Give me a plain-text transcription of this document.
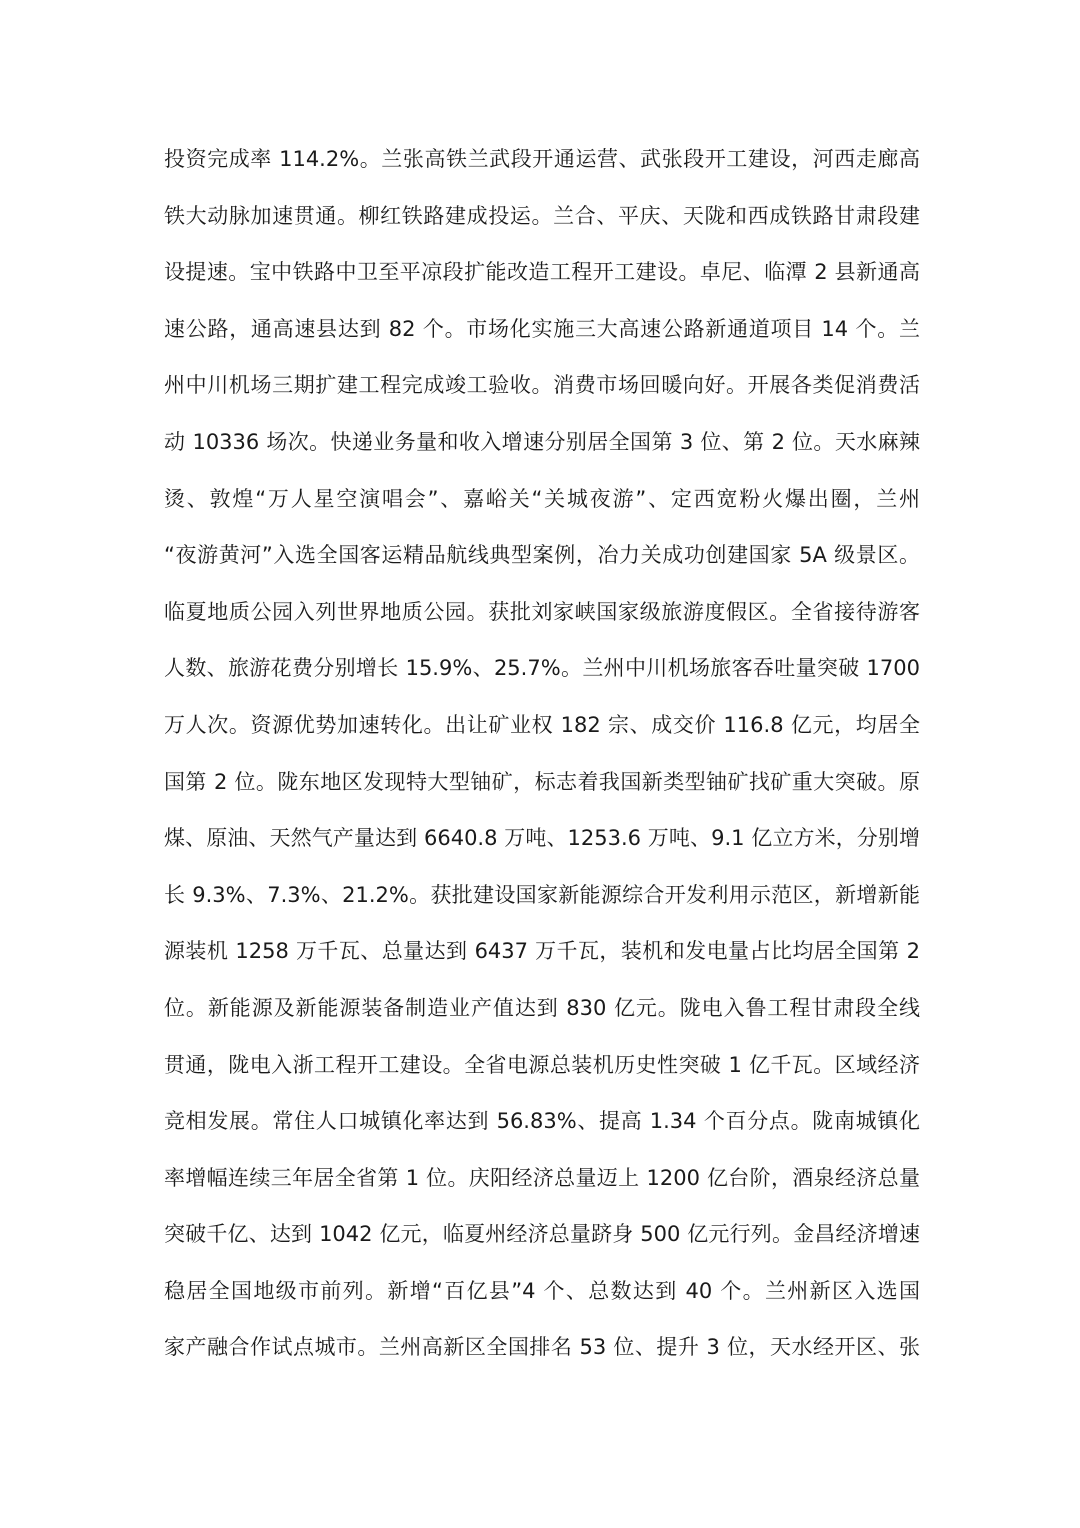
投资完成率 114.2%。兰张高铁兰武段开通运营、武张段开工建设，河西走廊高
铁大动脉加速贯通。柳红铁路建成投运。兰合、平庆、天陇和西成铁路甘肃段建
设提速。宝中铁路中卫至平凉段扩能改造工程开工建设。卓尼、临潭 2 县新通高
速公路，通高速县达到 82 个。市场化实施三大高速公路新通道项目 14 个。兰
州中川机场三期扩建工程完成竣工验收。消费市场回暖向好。开展各类促消费活
动 10336 场次。快递业务量和收入增速分别居全国第 3 位、第 2 位。天水麻辣
烫、敦煌“万人星空演唱会”、嘉峪关“关城夜游”、定西宽粉火爆出圈，兰州
“夜游黄河”入选全国客运精品航线典型案例，冶力关成功创建国家 5A 级景区。
临夏地质公园入列世界地质公园。获批刘家峡国家级旅游度假区。全省接待游客
人数、旅游花费分别增长 15.9%、25.7%。兰州中川机场旅客吞吐量突破 1700
万人次。资源优势加速转化。出让矿业权 182 宗、成交价 116.8 亿元，均居全
国第 2 位。陇东地区发现特大型铀矿，标志着我国新类型铀矿找矿重大突破。原
煤、原油、天然气产量达到 6640.8 万吨、1253.6 万吨、9.1 亿立方米，分别增
长 9.3%、7.3%、21.2%。获批建设国家新能源综合开发利用示范区，新增新能
源装机 1258 万千瓦、总量达到 6437 万千瓦，装机和发电量占比均居全国第 2
位。新能源及新能源装备制造业产值达到 830 亿元。陇电入鲁工程甘肃段全线
贯通，陇电入浙工程开工建设。全省电源总装机历史性突破 1 亿千瓦。区域经济
竞相发展。常住人口城镇化率达到 56.83%、提高 1.34 个百分点。陇南城镇化
率增幅连续三年居全省第 1 位。庆阳经济总量迈上 1200 亿台阶，酒泉经济总量
突破千亿、达到 1042 亿元，临夏州经济总量跻身 500 亿元行列。金昌经济增速
稳居全国地级市前列。新增“百亿县”4 个、总数达到 40 个。兰州新区入选国
家产融合作试点城市。兰州高新区全国排名 53 位、提升 3 位，天水经开区、张
